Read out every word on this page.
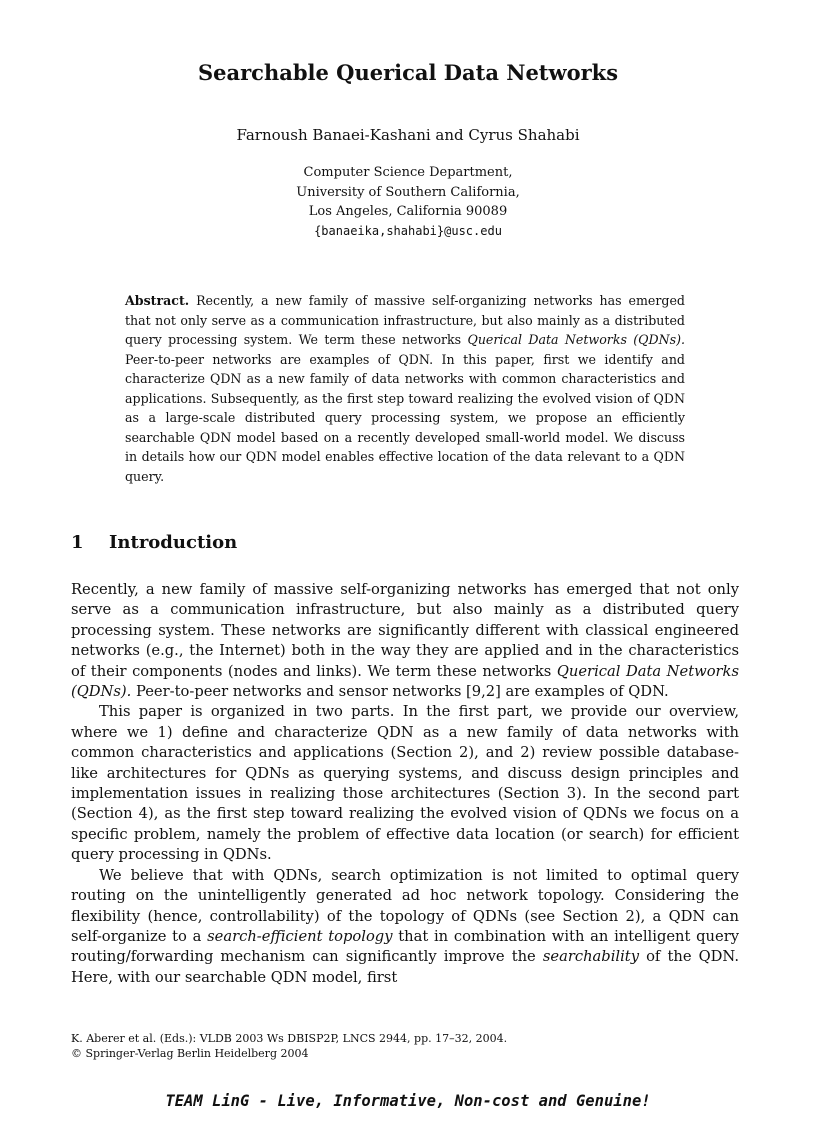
Searchable Querical Data Networks
Farnoush Banaei-Kashani and Cyrus Shahabi
Computer Science Department,
University of Southern California,
Los Angeles, California 90089
{banaeika,shahabi}@usc.edu

Abstract. Recently, a new family of massive self-organizing networks has emerged that not only serve as a communication infrastructure, but also mainly as a distributed query processing system. We term these networks Querical Data Networks (QDNs). Peer-to-peer networks are examples of QDN. In this paper, first we identify and characterize QDN as a new family of data networks with common characteristics and applications. Subsequently, as the first step toward realizing the evolved vision of QDN as a large-scale distributed query processing system, we propose an efficiently searchable QDN model based on a recently developed small-world model. We discuss in details how our QDN model enables effective location of the data relevant to a QDN query.

1 Introduction

Recently, a new family of massive self-organizing networks has emerged that not only serve as a communication infrastructure, but also mainly as a distributed query processing system. These networks are significantly different with classical engineered networks (e.g., the Internet) both in the way they are applied and in the characteristics of their components (nodes and links). We term these networks Querical Data Networks (QDNs). Peer-to-peer networks and sensor networks [9,2] are examples of QDN.

This paper is organized in two parts. In the first part, we provide our overview, where we 1) define and characterize QDN as a new family of data networks with common characteristics and applications (Section 2), and 2) review possible database-like architectures for QDNs as querying systems, and discuss design principles and implementation issues in realizing those architectures (Section 3). In the second part (Section 4), as the first step toward realizing the evolved vision of QDNs we focus on a specific problem, namely the problem of effective data location (or search) for efficient query processing in QDNs.

We believe that with QDNs, search optimization is not limited to optimal query routing on the unintelligently generated ad hoc network topology. Considering the flexibility (hence, controllability) of the topology of QDNs (see Section 2), a QDN can self-organize to a search-efficient topology that in combination with an intelligent query routing/forwarding mechanism can significantly improve the searchability of the QDN. Here, with our searchable QDN model, first

K. Aberer et al. (Eds.): VLDB 2003 Ws DBISP2P, LNCS 2944, pp. 17–32, 2004.
© Springer-Verlag Berlin Heidelberg 2004
TEAM LinG - Live, Informative, Non-cost and Genuine!
